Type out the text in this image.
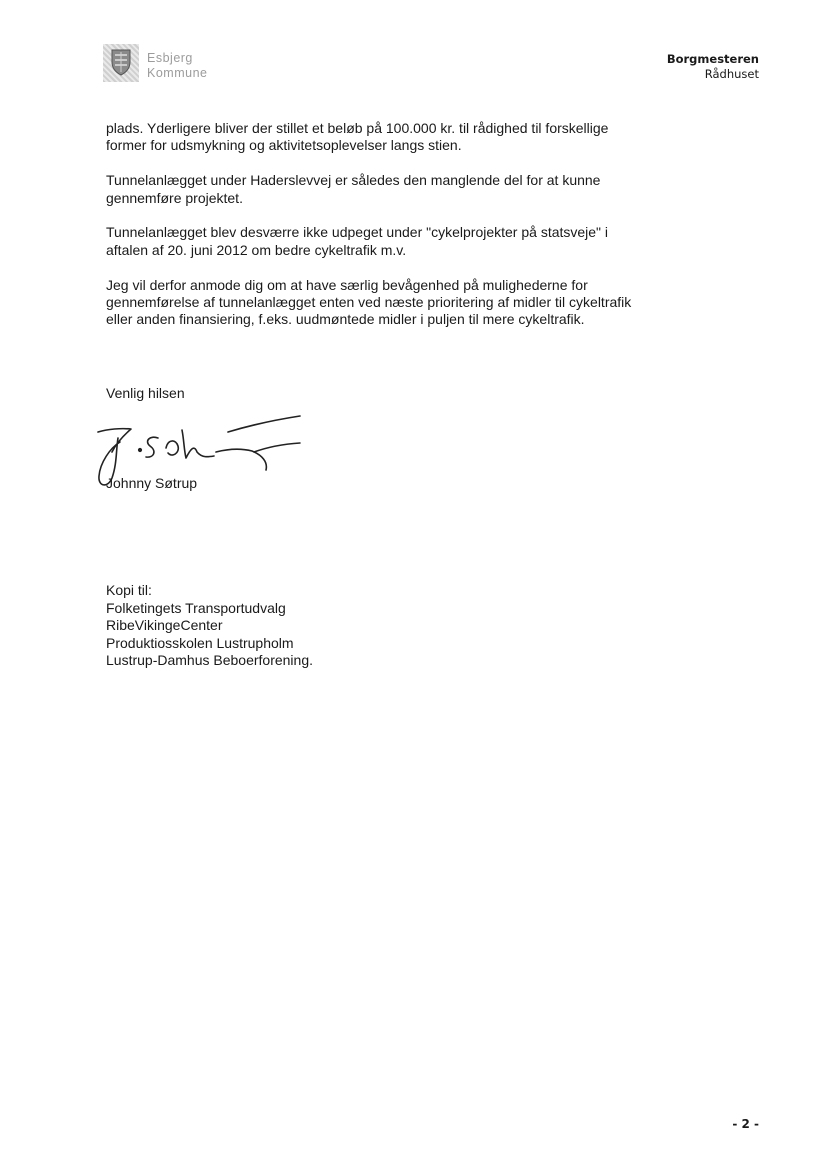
Esbjerg
Kommune
Borgmesteren
Rådhuset

plads. Yderligere bliver der stillet et beløb på 100.000 kr. til rådighed til forskellige former for udsmykning og aktivitetsoplevelser langs stien.

Tunnelanlægget under Haderslevvej er således den manglende del for at kunne gennemføre projektet.

Tunnelanlægget blev desværre ikke udpeget under "cykelprojekter på statsveje" i aftalen af 20. juni 2012 om bedre cykeltrafik m.v.

Jeg vil derfor anmode dig om at have særlig bevågenhed på mulighederne for gennemførelse af tunnelanlægget enten ved næste prioritering af midler til cykeltrafik eller anden finansiering, f.eks. uudmøntede midler i puljen til mere cykeltrafik.

Venlig hilsen
Johnny Søtrup
Kopi til:
Folketingets Transportudvalg
RibeVikingeCenter
Produktiosskolen Lustrupholm
Lustrup-Damhus Beboerforening.
- 2 -
